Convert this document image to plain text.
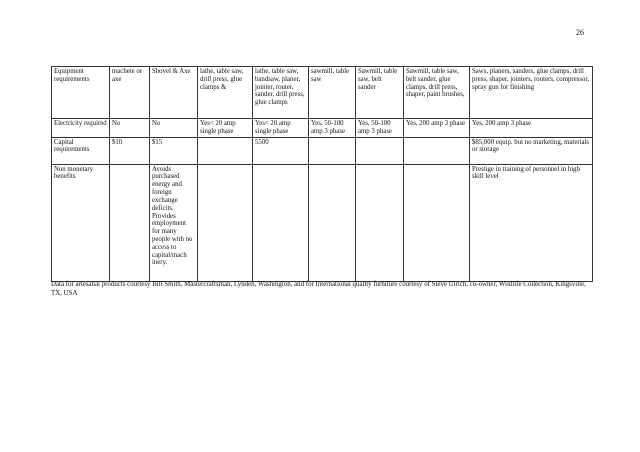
26
Equipment requirements	machete or axe	Shovel & Axe	lathe, table saw, drill press, glue clamps &	lathe, table saw, bandsaw, planer, jointer, router, sander, drill press, glue clamps	sawmill, table saw	Sawmill, table saw, belt sander	Sawmill, table saw, belt sander, glue clamps, drill press, shaper, paint brushes,	Saws, planers, sanders, glue clamps, drill press, shaper, jointers, routers, compressor, spray gun for finishing
Electricity required	No	No	Yes< 20 amp single phase	Yes< 20 amp single phase	Yes, 50-100 amp 3 phase	Yes, 50-100 amp 3 phase	Yes, 200 amp 3 phase	Yes, 200 amp 3 phase
Capital requirements	$10	$15		5500				$85,000 equip. but no marketing, materials or storage
Non monetary benefits		Avoids purchased energy and foreign exchange deficits. Provides employment for many people with no access to capital/mach inery.						Prestige in training of personnel in high skill level
Data for artesanal products courtesy Bill Smith, Mastercraftsman, Lynden, Washington, and for International quality furniture courtesy of Steve Ulrich, co-owner, Wildlife Collection, Kingsville, TX, USA
